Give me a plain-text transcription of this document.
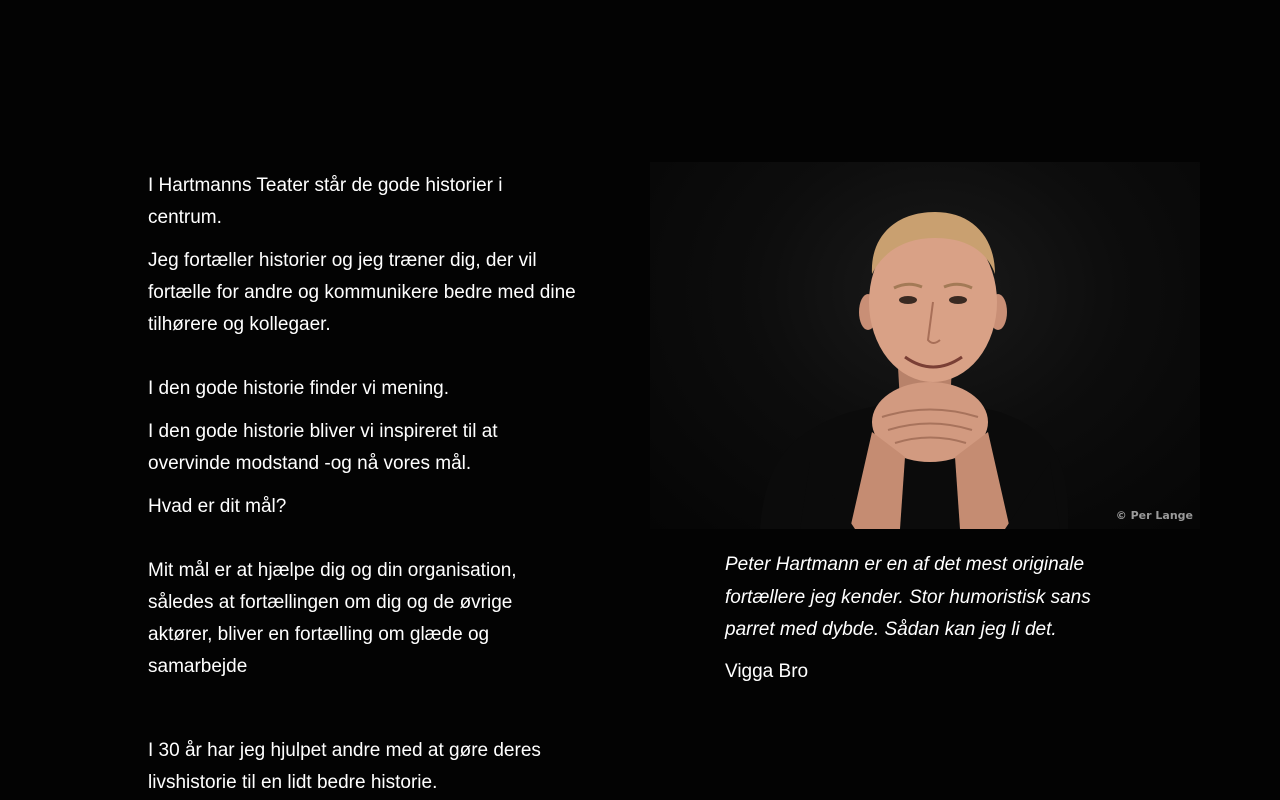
I Hartmanns Teater står de gode historier i centrum.

Jeg fortæller historier og jeg træner dig, der vil fortælle for andre og kommunikere bedre med dine tilhørere og kollegaer.

I den gode historie finder vi mening.

I den gode historie bliver vi inspireret til at overvinde modstand -og nå vores mål.

Hvad er dit mål?

Mit mål er at hjælpe dig og din organisation, således at fortællingen om dig og de øvrige aktører, bliver en fortælling om glæde og samarbejde

I 30 år har jeg hjulpet andre med at gøre deres livshistorie til en lidt bedre historie.

© Per Lange

Peter Hartmann er en af det mest originale fortællere jeg kender. Stor humoristisk sans parret med dybde. Sådan kan jeg li det.

Vigga Bro
